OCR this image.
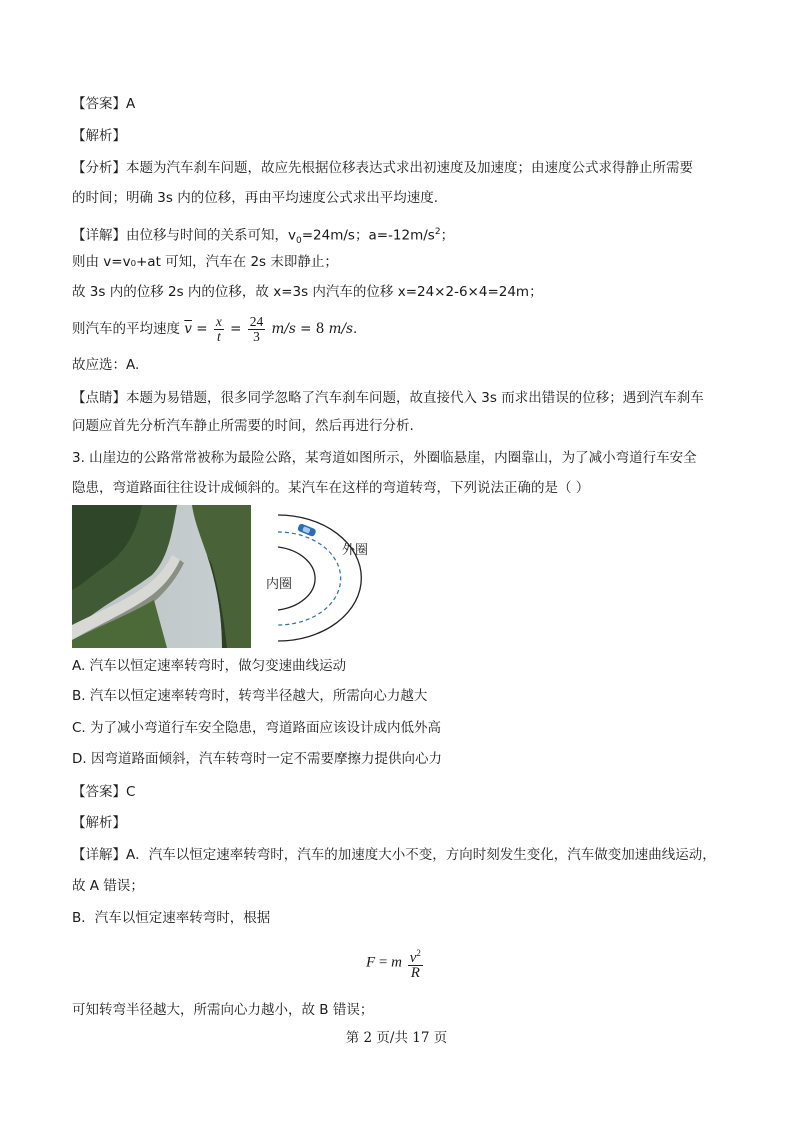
【答案】A
【解析】
【分析】本题为汽车刹车问题，故应先根据位移表达式求出初速度及加速度；由速度公式求得静止所需要
的时间；明确 3s 内的位移，再由平均速度公式求出平均速度.
【详解】由位移与时间的关系可知，$v_0=24m/s$；$a=-12m/s^2$；
则由 v=v₀+at 可知，汽车在 2s 末即静止；
故 3s 内的位移 2s 内的位移，故 x=3s 内汽车的位移 x=24×2-6×4=24m；
则汽车的平均速度 $\overline{v} = \frac{x}{t} = \frac{24}{3} m/s = 8$ m/s.
故应选：A.
【点睛】本题为易错题，很多同学忽略了汽车刹车问题，故直接代入 3s 而求出错误的位移；遇到汽车刹车
问题应首先分析汽车静止所需要的时间，然后再进行分析.
3. 山崖边的公路常常被称为最险公路，某弯道如图所示，外圈临悬崖，内圈靠山，为了减小弯道行车安全
隐患，弯道路面往往设计成倾斜的。某汽车在这样的弯道转弯，下列说法正确的是（ ）
外圈
内圈
A. 汽车以恒定速率转弯时，做匀变速曲线运动
B. 汽车以恒定速率转弯时，转弯半径越大，所需向心力越大
C. 为了减小弯道行车安全隐患，弯道路面应该设计成内低外高
D. 因弯道路面倾斜，汽车转弯时一定不需要摩擦力提供向心力
【答案】C
【解析】
【详解】A．汽车以恒定速率转弯时，汽车的加速度大小不变，方向时刻发生变化，汽车做变加速曲线运动，
故 A 错误；
B．汽车以恒定速率转弯时，根据
F = m $\frac{v^2}{R}$
可知转弯半径越大，所需向心力越小，故 B 错误；
第 2 页/共 17 页
